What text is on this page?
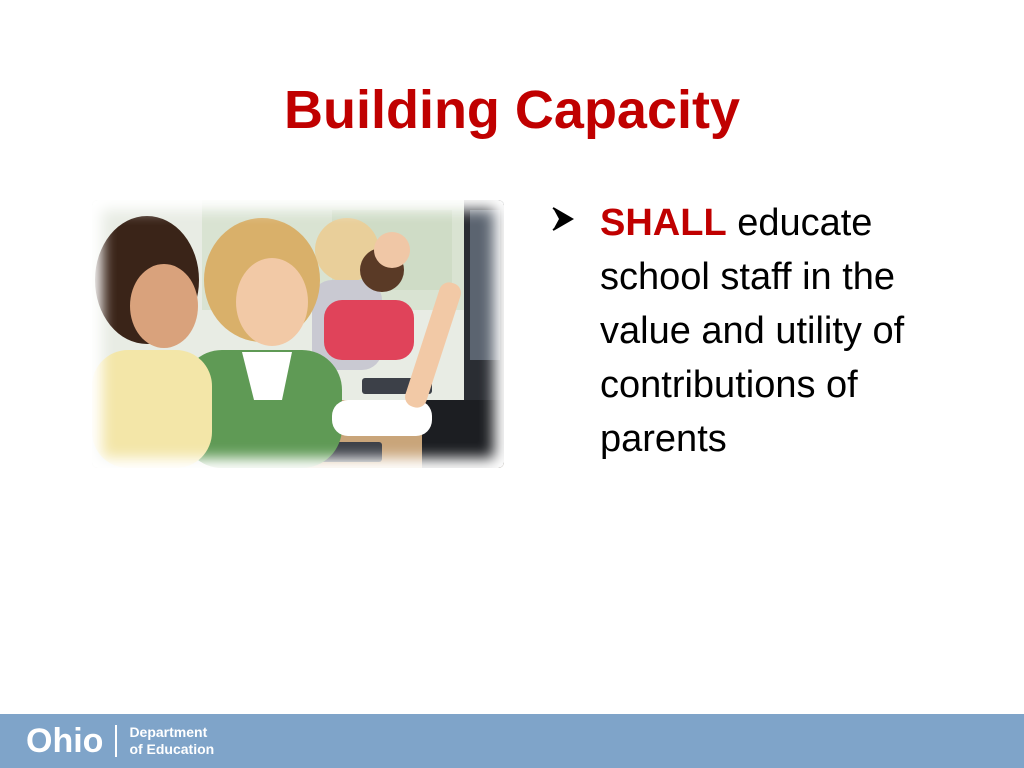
Building Capacity
SHALL educate school staff in the value and utility of contributions of parents
Ohio Department
of Education
